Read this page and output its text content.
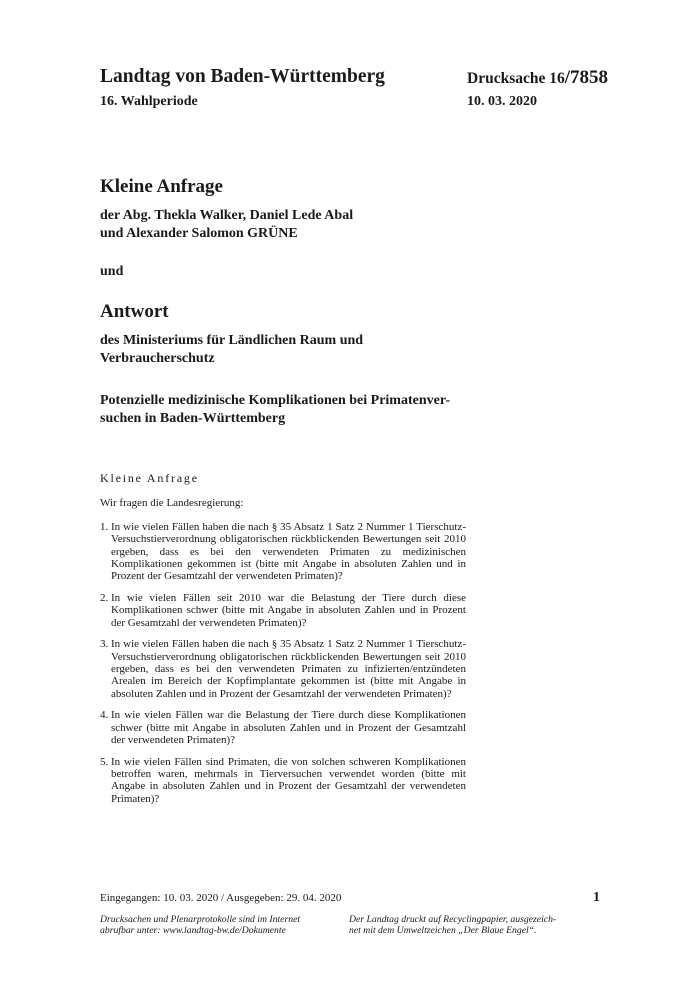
Landtag von Baden-Württemberg
16. Wahlperiode
Drucksache 16/7858
10. 03. 2020
Kleine Anfrage
der Abg. Thekla Walker, Daniel Lede Abal
und Alexander Salomon GRÜNE
und
Antwort
des Ministeriums für Ländlichen Raum und
Verbraucherschutz
Potenzielle medizinische Komplikationen bei Primatenver-
suchen in Baden-Württemberg
Kleine Anfrage
Wir fragen die Landesregierung:
1. In wie vielen Fällen haben die nach § 35 Absatz 1 Satz 2 Nummer 1 Tierschutz-Versuchstierverordnung obligatorischen rückblickenden Bewertungen seit 2010 ergeben, dass es bei den verwendeten Primaten zu medizinischen Komplikationen gekommen ist (bitte mit Angabe in absoluten Zahlen und in Prozent der Gesamtzahl der verwendeten Primaten)?
2. In wie vielen Fällen seit 2010 war die Belastung der Tiere durch diese Komplikationen schwer (bitte mit Angabe in absoluten Zahlen und in Prozent der Gesamtzahl der verwendeten Primaten)?
3. In wie vielen Fällen haben die nach § 35 Absatz 1 Satz 2 Nummer 1 Tierschutz-Versuchstierverordnung obligatorischen rückblickenden Bewertungen seit 2010 ergeben, dass es bei den verwendeten Primaten zu infizierten/entzündeten Arealen im Bereich der Kopfimplantate gekommen ist (bitte mit Angabe in absoluten Zahlen und in Prozent der Gesamtzahl der verwendeten Primaten)?
4. In wie vielen Fällen war die Belastung der Tiere durch diese Komplikationen schwer (bitte mit Angabe in absoluten Zahlen und in Prozent der Gesamtzahl der verwendeten Primaten)?
5. In wie vielen Fällen sind Primaten, die von solchen schweren Komplikationen betroffen waren, mehrmals in Tierversuchen verwendet worden (bitte mit Angabe in absoluten Zahlen und in Prozent der Gesamtzahl der verwendeten Primaten)?
Eingegangen: 10. 03. 2020 / Ausgegeben: 29. 04. 2020	1
Drucksachen und Plenarprotokolle sind im Internet
abrufbar unter: www.landtag-bw.de/Dokumente
Der Landtag druckt auf Recyclingpapier, ausgezeich-
net mit dem Umweltzeichen „Der Blaue Engel“.
